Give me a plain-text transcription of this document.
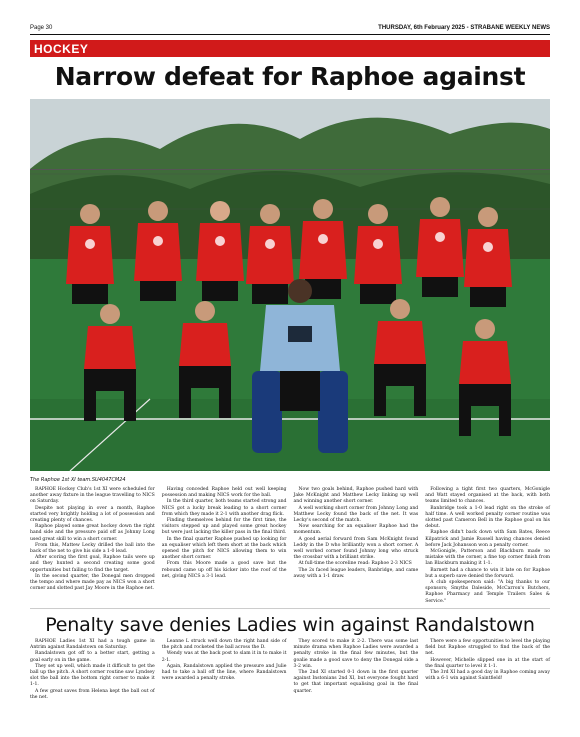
Page 30	THURSDAY, 6th February 2025 - STRABANE WEEKLY NEWS
HOCKEY
Narrow defeat for Raphoe against
The Raphoe 1st XI team.SU4047CM24

RAPHOE Hockey Club's 1st XI were scheduled for another away fixture in the league travelling to NICS on Saturday.

Despite not playing in over a month, Raphoe started very brightly holding a lot of possession and creating plenty of chances.

Raphoe played some great hockey down the right hand side and the pressure paid off as Johnny Long used great skill to win a short corner.

From this, Mattew Lecky drilled the ball into the back of the net to give his side a 1-0 lead.

After scoring the first goal, Raphoe tails were up and they hunted a second creating some good opportunities but failing to find the target.

In the second quarter, the Donegal men dropped the tempo and where made pay as NICS won a short corner and slotted past Jay Moore in the Raphoe net.

Having conceded Raphoe held out well keeping possession and making NICS work for the ball.

In the third quarter, both teams started strong and NICS got a lucky break leading to a short corner from which they made it 2-1 with another drag flick.

Finding themselves behind for the first time, the visitors stepped up and played some great hockey but were just lacking the killer pass in the final third.

In the final quarter Raphoe pushed up looking for an equaliser which left them short at the back which opened the pitch for NICS allowing them to win another short corner.

From this Moore made a good save but the rebound came up off his kicker into the roof of the net, giving NICS a 3-1 lead.

Now two goals behind, Raphoe pushed hard with Jake McKnight and Matthew Lecky linking up well and winning another short corner.

A well working short corner from Johnny Long and Matthew Lecky found the back of the net. It was Lecky's second of the match.

Now searching for an equaliser Raphoe had the momentum.

A good aerial forward from Sam McKnight found Leddy in the D who brilliantly won a short corner. A well worked corner found Johnny long who struck the crossbar with a brilliant strike.

At full-time the scoreline read: Raphoe 2-3 NICS

The 2s faced league leaders, Banbridge, and came away with a 1-1 draw.

Following a tight first two quarters, McGonigle and Watt stayed organised at the back, with both teams limited to chances.

Banbridge took a 1-0 lead right on the stroke of half time. A well worked penalty corner routine was slotted past Cameron Bell in the Raphoe goal on his debut.

Raphoe didn't back down with Sam Bates, Reece Kilpatrick and Jamie Russell having chances denied before Jack Johansson won a penalty corner.

McGonigle, Patterson and Blackburn made no mistake with the corner, a fine top corner finish from Ian Blackburn making it 1-1.

Barnett had a chance to win it late on for Raphoe but a superb save denied the forward.

A club spokesperson said: "A big thanks to our sponsors; Smyths Daleside, McCarron's Butchers, Raphoe Pharmacy and Temple Trailers Sales & Service."

Penalty save denies Ladies win against Randalstown

RAPHOE Ladies 1st XI had a tough game in Antrim against Randalstown on Saturday.

Randalstown got off to a better start, getting a goal early on in the game.

They set up well, which made it difficult to get the ball up the pitch. A short corner routine saw Lyndsey slot the ball into the bottom right corner to make it 1-1.

A few great saves from Helena kept the ball out of the net.

Leanne L struck well down the right hand side of the pitch and rocketed the ball across the D.

Wendy was at the back post to slam it in to make it 2-1.

Again, Randalstown applied the pressure and Julie had to take a ball off the line, where Randalstown were awarded a penalty stroke.

They scored to make it 2-2. There was some last minute drama when Raphoe Ladies were awarded a penalty stroke in the final few minutes, but the goalie made a good save to deny the Donegal side a 3-2 win.

The 2nd XI started 0-1 down in the first quarter against Instonians 2nd XI, but everyone fought hard to get that important equalising goal in the final quarter.

There were a few opportunities to level the playing field but Raphoe struggled to find the back of the net.

However, Michelle slipped one in at the start of the final quarter to level it 1-1.

The 3rd XI had a good day in Raphoe coming away with a 6-1 win against Saintfield!
